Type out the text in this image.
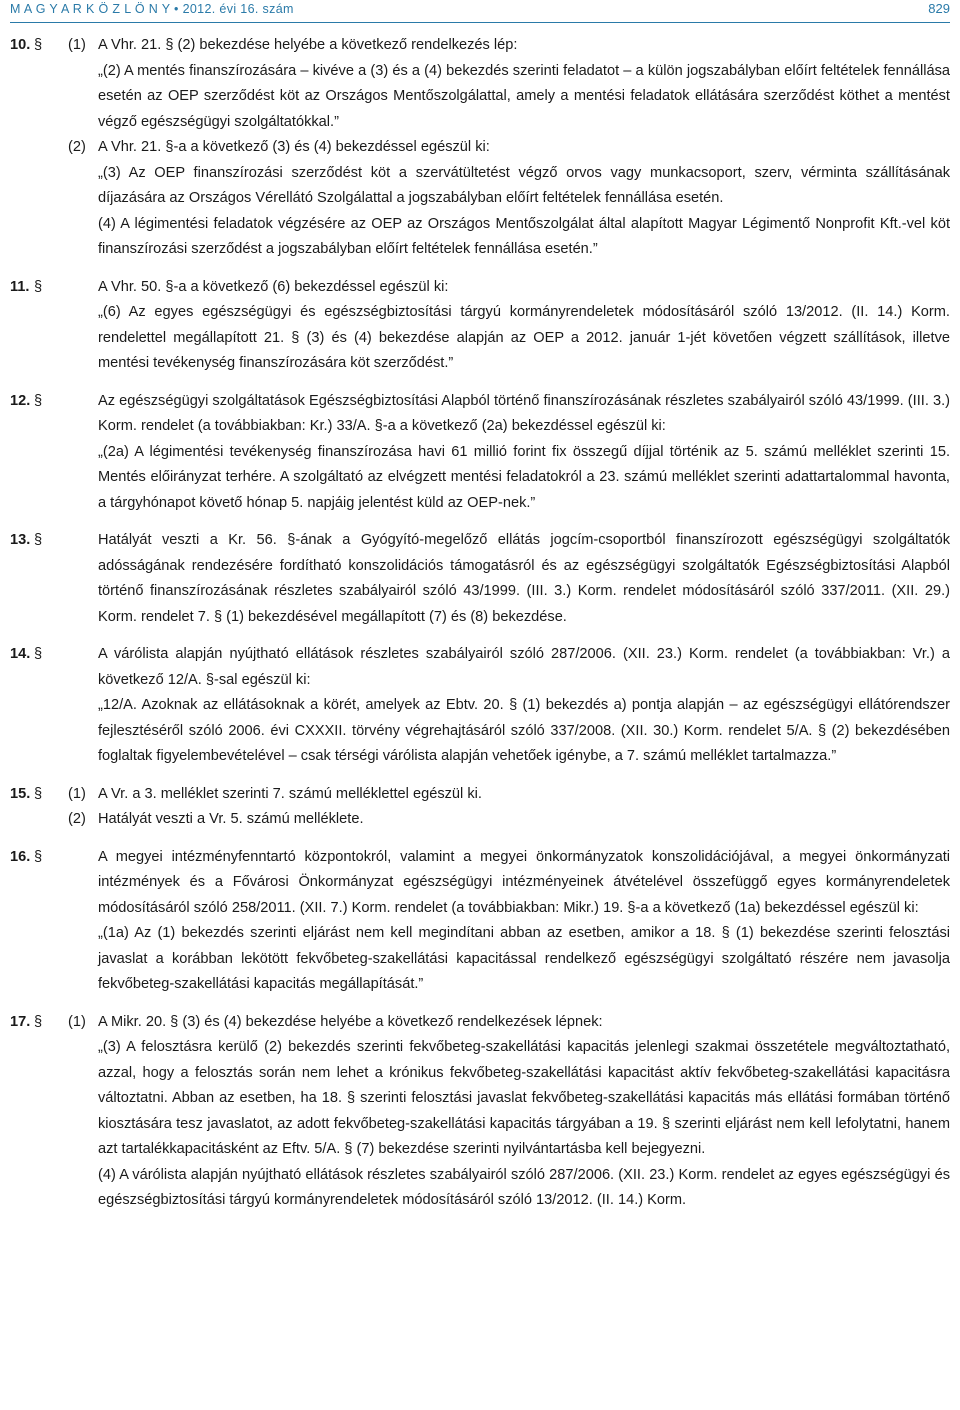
M A G Y A R K Ö Z L Ö N Y • 2012. évi 16. szám	829
10. § (1) A Vhr. 21. § (2) bekezdése helyébe a következő rendelkezés lép:

„(2) A mentés finanszírozására – kivéve a (3) és a (4) bekezdés szerinti feladatot – a külön jogszabályban előírt feltételek fennállása esetén az OEP szerződést köt az Országos Mentőszolgálattal, amely a mentési feladatok ellátására szerződést köthet a mentést végző egészségügyi szolgáltatókkal.”

(2) A Vhr. 21. §-a a következő (3) és (4) bekezdéssel egészül ki:

„(3) Az OEP finanszírozási szerződést köt a szervátültetést végző orvos vagy munkacsoport, szerv, vérminta szállításának díjazására az Országos Vérellátó Szolgálattal a jogszabályban előírt feltételek fennállása esetén.

(4) A légimentési feladatok végzésére az OEP az Országos Mentőszolgálat által alapított Magyar Légimentő Nonprofit Kft.-vel köt finanszírozási szerződést a jogszabályban előírt feltételek fennállása esetén.”

11. §	A Vhr. 50. §-a a következő (6) bekezdéssel egészül ki:

„(6) Az egyes egészségügyi és egészségbiztosítási tárgyú kormányrendeletek módosításáról szóló 13/2012. (II. 14.) Korm. rendelettel megállapított 21. § (3) és (4) bekezdése alapján az OEP a 2012. január 1-jét követően végzett szállítások, illetve mentési tevékenység finanszírozására köt szerződést.”

12. §	Az egészségügyi szolgáltatások Egészségbiztosítási Alapból történő finanszírozásának részletes szabályairól szóló 43/1999. (III. 3.) Korm. rendelet (a továbbiakban: Kr.) 33/A. §-a a következő (2a) bekezdéssel egészül ki:

„(2a) A légimentési tevékenység finanszírozása havi 61 millió forint fix összegű díjjal történik az 5. számú melléklet szerinti 15. Mentés előirányzat terhére. A szolgáltató az elvégzett mentési feladatokról a 23. számú melléklet szerinti adattartalommal havonta, a tárgyhónapot követő hónap 5. napjáig jelentést küld az OEP-nek.”

13. §	Hatályát veszti a Kr. 56. §-ának a Gyógyító-megelőző ellátás jogcím-csoportból finanszírozott egészségügyi szolgáltatók adósságának rendezésére fordítható konszolidációs támogatásról és az egészségügyi szolgáltatók Egészségbiztosítási Alapból történő finanszírozásának részletes szabályairól szóló 43/1999. (III. 3.) Korm. rendelet módosításáról szóló 337/2011. (XII. 29.) Korm. rendelet 7. § (1) bekezdésével megállapított (7) és (8) bekezdése.

14. §	A várólista alapján nyújtható ellátások részletes szabályairól szóló 287/2006. (XII. 23.) Korm. rendelet (a továbbiakban: Vr.) a következő 12/A. §-sal egészül ki:

„12/A. Azoknak az ellátásoknak a körét, amelyek az Ebtv. 20. § (1) bekezdés a) pontja alapján – az egészségügyi ellátórendszer fejlesztéséről szóló 2006. évi CXXXII. törvény végrehajtásáról szóló 337/2008. (XII. 30.) Korm. rendelet 5/A. § (2) bekezdésében foglaltak figyelembevételével – csak térségi várólista alapján vehetőek igénybe, a 7. számú melléklet tartalmazza.”

15. § (1) A Vr. a 3. melléklet szerinti 7. számú melléklettel egészül ki.

(2) Hatályát veszti a Vr. 5. számú melléklete.

16. §	A megyei intézményfenntartó központokról, valamint a megyei önkormányzatok konszolidációjával, a megyei önkormányzati intézmények és a Fővárosi Önkormányzat egészségügyi intézményeinek átvételével összefüggő egyes kormányrendeletek módosításáról szóló 258/2011. (XII. 7.) Korm. rendelet (a továbbiakban: Mikr.) 19. §-a a következő (1a) bekezdéssel egészül ki:

„(1a) Az (1) bekezdés szerinti eljárást nem kell megindítani abban az esetben, amikor a 18. § (1) bekezdése szerinti felosztási javaslat a korábban lekötött fekvőbeteg-szakellátási kapacitással rendelkező egészségügyi szolgáltató részére nem javasolja fekvőbeteg-szakellátási kapacitás megállapítását.”

17. § (1) A Mikr. 20. § (3) és (4) bekezdése helyébe a következő rendelkezések lépnek:

„(3) A felosztásra kerülő (2) bekezdés szerinti fekvőbeteg-szakellátási kapacitás jelenlegi szakmai összetétele megváltoztatható, azzal, hogy a felosztás során nem lehet a krónikus fekvőbeteg-szakellátási kapacitást aktív fekvőbeteg-szakellátási kapacitásra változtatni. Abban az esetben, ha 18. § szerinti felosztási javaslat fekvőbeteg-szakellátási kapacitás más ellátási formában történő kiosztására tesz javaslatot, az adott fekvőbeteg-szakellátási kapacitás tárgyában a 19. § szerinti eljárást nem kell lefolytatni, hanem azt tartalékkapacitásként az Eftv. 5/A. § (7) bekezdése szerinti nyilvántartásba kell bejegyezni.

(4) A várólista alapján nyújtható ellátások részletes szabályairól szóló 287/2006. (XII. 23.) Korm. rendelet az egyes egészségügyi és egészségbiztosítási tárgyú kormányrendeletek módosításáról szóló 13/2012. (II. 14.) Korm.
